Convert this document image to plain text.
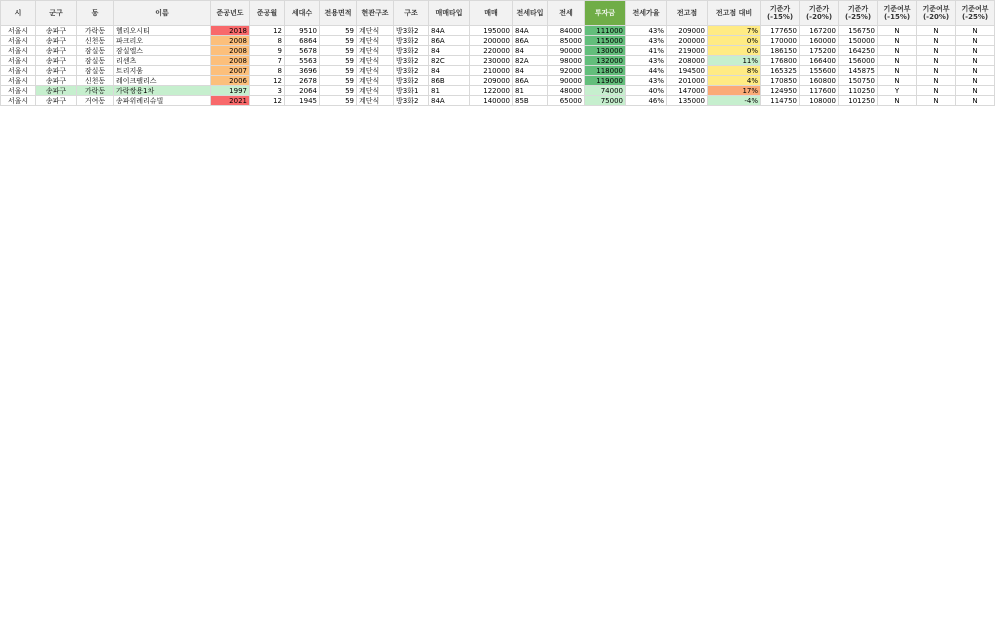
시	군구	동	이름	준공년도	준공월	세대수	전용면적	현관구조	구조	매매타입	매매	전세타입	전세	투자금	전세가율	전고점	전고점 대비	기준가 (-15%)	기준가 (-20%)	기준가 (-25%)	기준여부 (-15%)	기준여부 (-20%)	기준여부 (-25%)
서울시	송파구	가락동	헬리오시티	2018	12	9510	59	계단식	방3화2	84A	195000	84A	84000	111000	43%	209000	7%	177650	167200	156750	N	N	N
서울시	송파구	신천동	파크리오	2008	8	6864	59	계단식	방3화2	86A	200000	86A	85000	115000	43%	200000	0%	170000	160000	150000	N	N	N
서울시	송파구	잠실동	잠실엘스	2008	9	5678	59	계단식	방3화2	84	220000	84	90000	130000	41%	219000	0%	186150	175200	164250	N	N	N
서울시	송파구	잠실동	리센츠	2008	7	5563	59	계단식	방3화2	82C	230000	82A	98000	132000	43%	208000	11%	176800	166400	156000	N	N	N
서울시	송파구	잠실동	트리지움	2007	8	3696	59	계단식	방3화2	84	210000	84	92000	118000	44%	194500	8%	165325	155600	145875	N	N	N
서울시	송파구	신천동	레이크팰리스	2006	12	2678	59	계단식	방3화2	86B	209000	86A	90000	119000	43%	201000	4%	170850	160800	150750	N	N	N
서울시	송파구	가락동	가락쌍용1차	1997	3	2064	59	계단식	방3화1	81	122000	81	48000	74000	40%	147000	17%	124950	117600	110250	Y	N	N
서울시	송파구	거여동	송파위례리슈빌	2021	12	1945	59	계단식	방3화2	84A	140000	85B	65000	75000	46%	135000	-4%	114750	108000	101250	N	N	N
